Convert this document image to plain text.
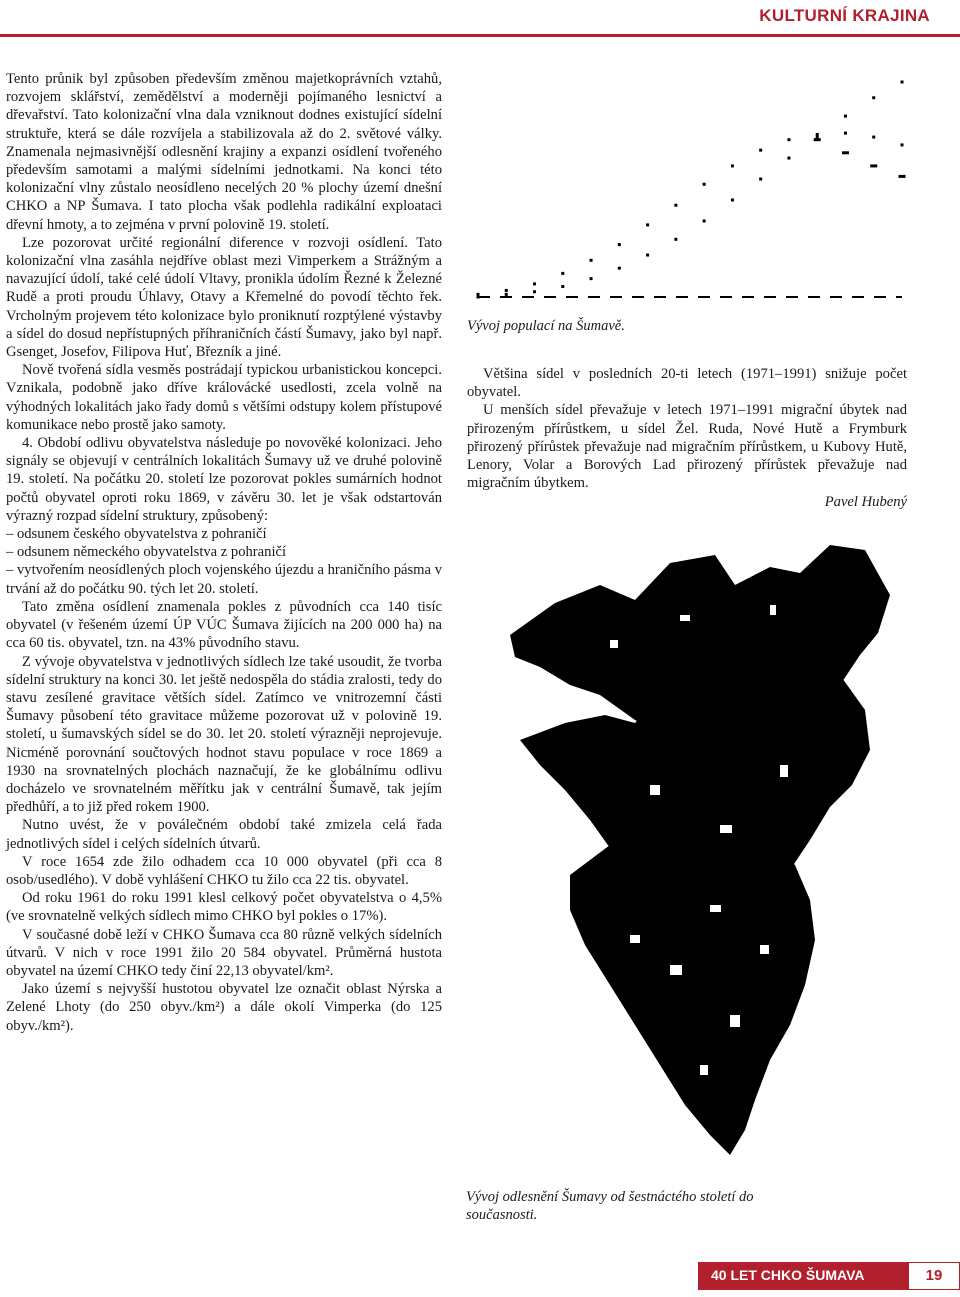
KULTURNÍ KRAJINA

Tento průnik byl způsoben především změnou majetkoprávních vztahů, rozvojem sklářství, zemědělství a moderněji pojímaného lesnictví a dřevařství. Tato kolonizační vlna dala vzniknout dodnes existující sídelní struktuře, která se dále rozvíjela a stabilizovala až do 2. světové války. Znamenala nejmasivnější odlesnění krajiny a expanzi osídlení tvořeného především samotami a malými sídelními jednotkami. Na konci této kolonizační vlny zůstalo neosídleno necelých 20 % plochy území dnešní CHKO a NP Šumava. I tato plocha však podlehla radikální exploataci dřevní hmoty, a to zejména v první polovině 19. století.

Lze pozorovat určité regionální diference v rozvoji osídlení. Tato kolonizační vlna zasáhla nejdříve oblast mezi Vimperkem a Strážným a navazující údolí, také celé údolí Vltavy, pronikla údolím Řezné k Železné Rudě a proti proudu Úhlavy, Otavy a Křemelné do povodí těchto řek. Vrcholným projevem této kolonizace bylo proniknutí rozptýlené výstavby a sídel do dosud nepřístupných příhraničních částí Šumavy, jako byl např. Gsenget, Josefov, Filipova Huť, Březník a jiné.

Nově tvořená sídla vesměs postrádají typickou urbanistickou koncepci. Vznikala, podobně jako dříve královácké usedlosti, zcela volně na výhodných lokalitách jako řady domů s většími odstupy kolem přístupové komunikace nebo prostě jako samoty.

4. Období odlivu obyvatelstva následuje po novověké kolonizaci. Jeho signály se objevují v centrálních lokalitách Šumavy už ve druhé polovině 19. století. Na počátku 20. století lze pozorovat pokles sumárních hodnot počtů obyvatel oproti roku 1869, v závěru 30. let je však odstartován výrazný rozpad sídelní struktury, způsobený:

– odsunem českého obyvatelstva z pohraničí
– odsunem německého obyvatelstva z pohraničí
– vytvořením neosídlených ploch vojenského újezdu a hraničního pásma v trvání až do počátku 90. tých let 20. století.

Tato změna osídlení znamenala pokles z původních cca 140 tisíc obyvatel (v řešeném území ÚP VÚC Šumava žijících na 200 000 ha) na cca 60 tis. obyvatel, tzn. na 43% původního stavu.

Z vývoje obyvatelstva v jednotlivých sídlech lze také usoudit, že tvorba sídelní struktury na konci 30. let ještě nedospěla do stádia zralosti, tedy do stavu zesílené gravitace větších sídel. Zatímco ve vnitrozemní části Šumavy působení této gravitace můžeme pozorovat už v polovině 19. století, u šumavských sídel se do 30. let 20. století výrazněji neprojevuje. Nicméně porovnání součtových hodnot stavu populace v roce 1869 a 1930 na srovnatelných plochách naznačují, že ke globálnímu odlivu docházelo ve srovnatelném měřítku jak v centrální Šumavě, tak jejím předhůří, a to již před rokem 1900.

Nutno uvést, že v poválečném období také zmizela celá řada jednotlivých sídel i celých sídelních útvarů.

V roce 1654 zde žilo odhadem cca 10 000 obyvatel (při cca 8 osob/usedlého). V době vyhlášení CHKO tu žilo cca 22 tis. obyvatel.

Od roku 1961 do roku 1991 klesl celkový počet obyvatelstva o 4,5% (ve srovnatelně velkých sídlech mimo CHKO byl pokles o 17%).

V současné době leží v CHKO Šumava cca 80 různě velkých sídelních útvarů. V nich v roce 1991 žilo 20 584 obyvatel. Průměrná hustota obyvatel na území CHKO tedy činí 22,13 obyvatel/km².

Jako území s nejvyšší hustotou obyvatel lze označit oblast Nýrska a Zelené Lhoty (do 250 obyv./km²) a dále okolí Vimperka (do 125 obyv./km²).

Vývoj populací na Šumavě.

Většina sídel v posledních 20-ti letech (1971–1991) snižuje počet obyvatel.

U menších sídel převažuje v letech 1971–1991 migrační úbytek nad přirozeným přírůstkem, u sídel Žel. Ruda, Nové Hutě a Frymburk přirozený přírůstek převažuje nad migračním přírůstkem, u Kubovy Hutě, Lenory, Volar a Borových Lad přirozený přírůstek převažuje nad migračním úbytkem.

Pavel Hubený
Vývoj odlesnění Šumavy od šestnáctého století do současnosti.
40 LET CHKO ŠUMAVA	19
